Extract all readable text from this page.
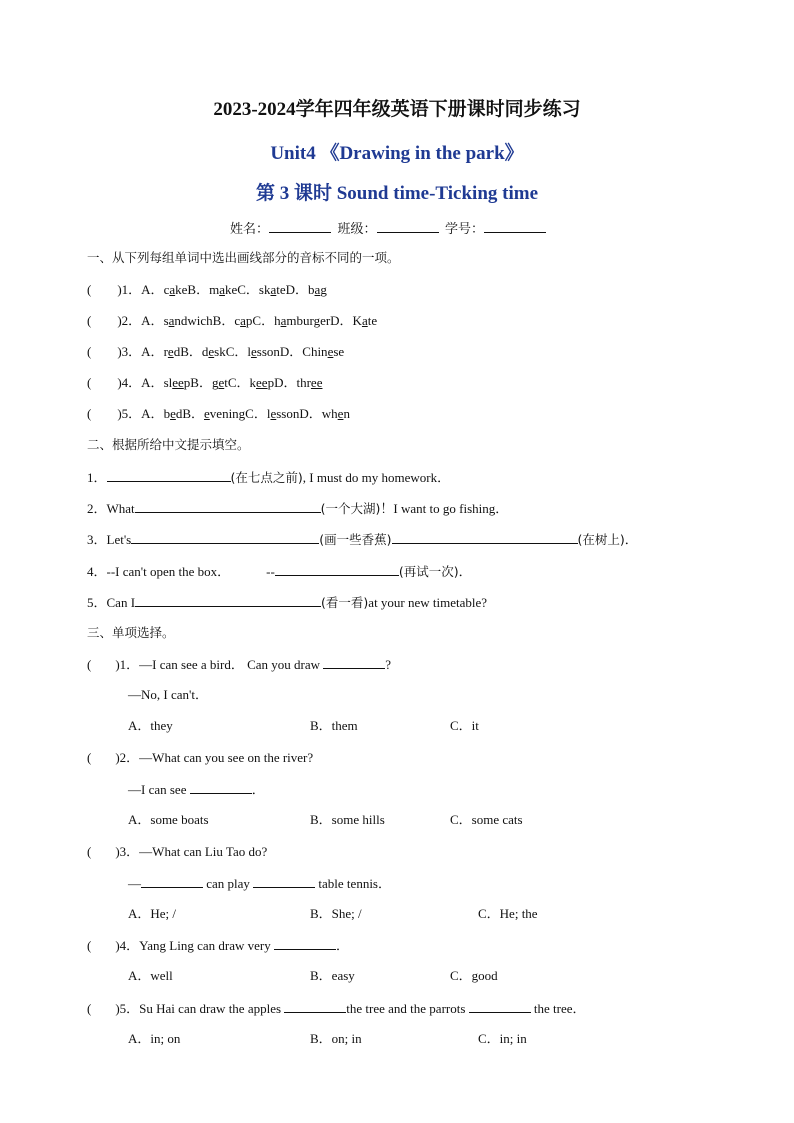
2023-2024学年四年级英语下册课时同步练习
Unit4 《Drawing in the park》
第 3 课时 Sound time-Ticking time
姓名：	班级：	学号：
一、从下列每组单词中选出画线部分的音标不同的一项。
( )1．A．cakeB．makeC．skateD．bag
( )2．A．sandwichB．capC．hamburgerD．Kate
( )3．A．redB．deskC．lessonD．Chinese
( )4．A．sleepB．getC．keepD．three
( )5．A．bedB．eveningC．lessonD．when
二、根据所给中文提示填空。
1．	(在七点之前), I must do my homework．
2．What	(一个大湖)！I want to go fishing．
3．Let's	(画一些香蕉)	(在树上)．
4．--I can't open the box．	--	(再试一次)．
5．Can I	(看一看)at your new timetable?
三、单项选择。
( )1．—I can see a bird． Can you draw	?
—No, I can't．
A．they	B．them	C．it
( )2．—What can you see on the river?
—I can see	．
A．some boats	B．some hills	C．some cats
( )3．—What can Liu Tao do?
—	can play	table tennis．
A．He; /	B．She; /	C．He; the
( )4．Yang Ling can draw very	．
A．well	B．easy	C．good
( )5．Su Hai can draw the apples	the tree and the parrots	the tree．
A．in; on	B．on; in	C．in; in
